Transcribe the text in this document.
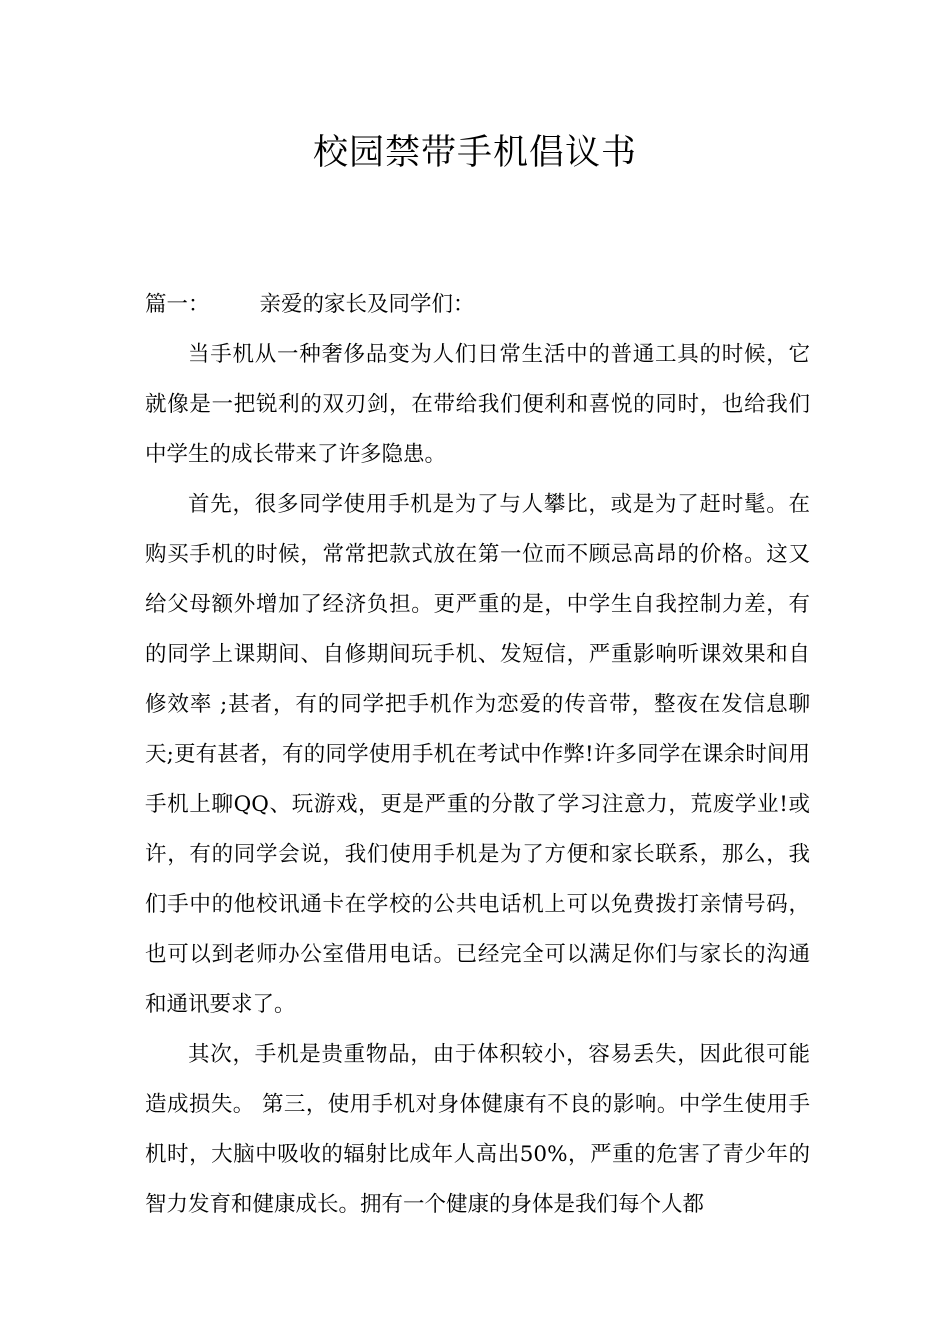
校园禁带手机倡议书

篇一： 亲爱的家长及同学们：

当手机从一种奢侈品变为人们日常生活中的普通工具的时候，它就像是一把锐利的双刃剑，在带给我们便利和喜悦的同时，也给我们中学生的成长带来了许多隐患。

首先，很多同学使用手机是为了与人攀比，或是为了赶时髦。在购买手机的时候，常常把款式放在第一位而不顾忌高昂的价格。这又给父母额外增加了经济负担。更严重的是，中学生自我控制力差，有的同学上课期间、自修期间玩手机、发短信，严重影响听课效果和自修效率 ;甚者，有的同学把手机作为恋爱的传音带，整夜在发信息聊天;更有甚者，有的同学使用手机在考试中作弊!许多同学在课余时间用手机上聊QQ、玩游戏，更是严重的分散了学习注意力，荒废学业!或许，有的同学会说，我们使用手机是为了方便和家长联系，那么，我们手中的他校讯通卡在学校的公共电话机上可以免费拨打亲情号码，也可以到老师办公室借用电话。已经完全可以满足你们与家长的沟通和通讯要求了。

其次，手机是贵重物品，由于体积较小，容易丢失，因此很可能造成损失。 第三，使用手机对身体健康有不良的影响。中学生使用手机时，大脑中吸收的辐射比成年人高出50%，严重的危害了青少年的智力发育和健康成长。拥有一个健康的身体是我们每个人都
